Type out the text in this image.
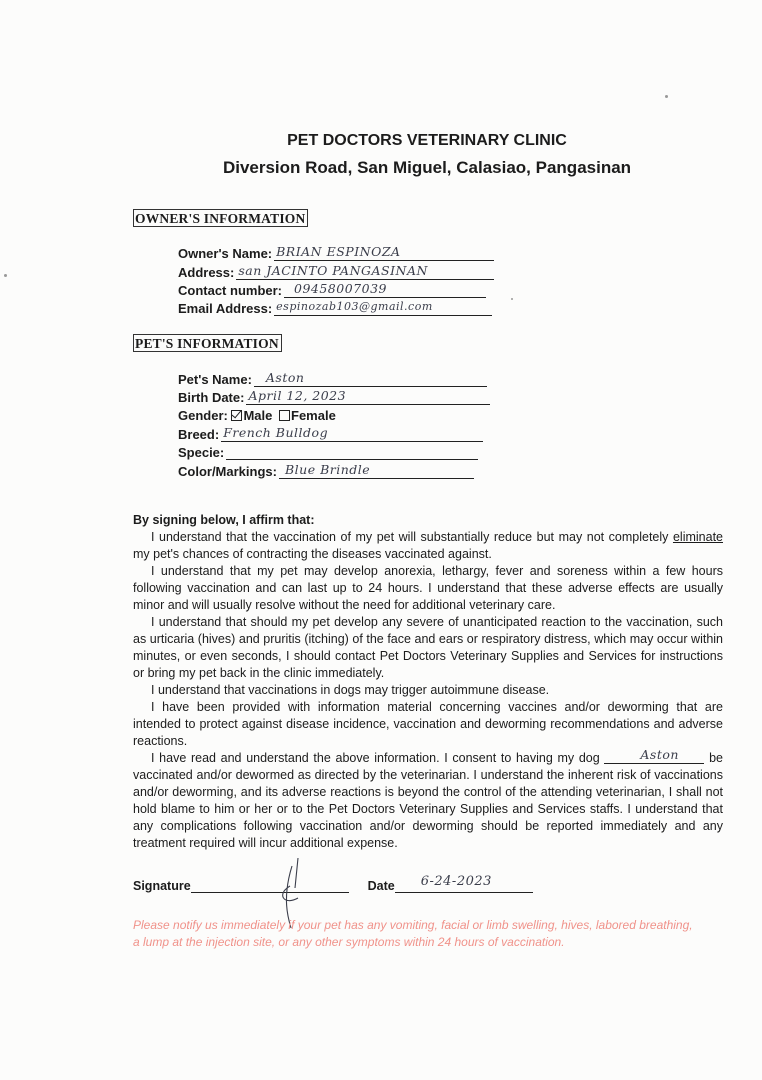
PET DOCTORS VETERINARY CLINIC
Diversion Road, San Miguel, Calasiao, Pangasinan
OWNER'S INFORMATION
Owner's Name: BRIAN ESPINOZA
Address: san JACINTO PANGASINAN
Contact number: 09458007039
Email Address: espinozab103@gmail.com
PET'S INFORMATION
Pet's Name: Aston
Birth Date: April 12, 2023
Gender: Male Female
Breed: French Bulldog
Specie:
Color/Markings: Blue Brindle

By signing below, I affirm that:

I understand that the vaccination of my pet will substantially reduce but may not completely eliminate my pet's chances of contracting the diseases vaccinated against.

I understand that my pet may develop anorexia, lethargy, fever and soreness within a few hours following vaccination and can last up to 24 hours. I understand that these adverse effects are usually minor and will usually resolve without the need for additional veterinary care.

I understand that should my pet develop any severe of unanticipated reaction to the vaccination, such as urticaria (hives) and pruritis (itching) of the face and ears or respiratory distress, which may occur within minutes, or even seconds, I should contact Pet Doctors Veterinary Supplies and Services for instructions or bring my pet back in the clinic immediately.

I understand that vaccinations in dogs may trigger autoimmune disease.

I have been provided with information material concerning vaccines and/or deworming that are intended to protect against disease incidence, vaccination and deworming recommendations and adverse reactions.

I have read and understand the above information. I consent to having my dog	Aston be vaccinated and/or dewormed as directed by the veterinarian. I understand the inherent risk of vaccinations and/or deworming, and its adverse reactions is beyond the control of the attending veterinarian, I shall not hold blame to him or her or to the Pet Doctors Veterinary Supplies and Services staffs. I understand that any complications following vaccination and/or deworming should be reported immediately and any treatment required will incur additional expense.

Signature	Date 6-24-2023
Please notify us immediately if your pet has any vomiting, facial or limb swelling, hives, labored breathing, a lump at the injection site, or any other symptoms within 24 hours of vaccination.
